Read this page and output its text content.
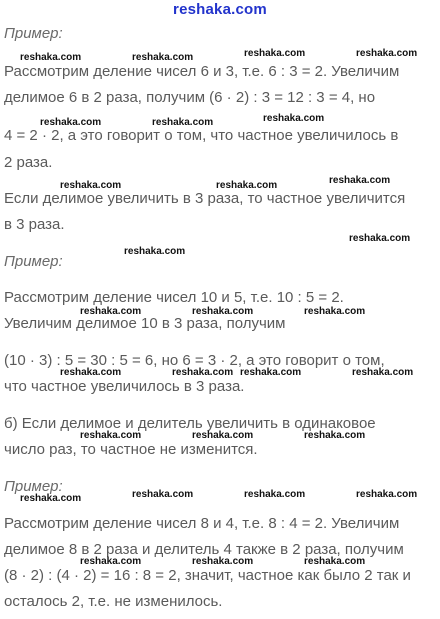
reshaka.com
Пример:
Рассмотрим деление чисел 6 и 3, т.е. 6 : 3 = 2. Увеличим
делимое 6 в 2 раза, получим (6 · 2) : 3 = 12 : 3 = 4, но
4 = 2 · 2, а это говорит о том, что частное увеличилось в
2 раза.
Если делимое увеличить в 3 раза, то частное увеличится
в 3 раза.
Пример:
Рассмотрим деление чисел 10 и 5, т.е. 10 : 5 = 2.
Увеличим делимое 10 в 3 раза, получим
(10 · 3) : 5 = 30 : 5 = 6, но 6 = 3 · 2, а это говорит о том,
что частное увеличилось в 3 раза.
б) Если делимое и делитель увеличить в одинаковое
число раз, то частное не изменится.
Пример:
Рассмотрим деление чисел 8 и 4, т.е. 8 : 4 = 2. Увеличим
делимое 8 в 2 раза и делитель 4 также в 2 раза, получим
(8 · 2) : (4 · 2) = 16 : 8 = 2, значит, частное как было 2 так и
осталось 2, т.е. не изменилось.
reshaka.com	reshaka.com	reshaka.com	reshaka.com
reshaka.com	reshaka.com	reshaka.com
reshaka.com
reshaka.com	reshaka.com
reshaka.com
reshaka.com
reshaka.com	reshaka.com	reshaka.com
reshaka.com	reshaka.com reshaka.com	reshaka.com
reshaka.com	reshaka.com	reshaka.com
reshaka.com	reshaka.com	reshaka.com	reshaka.com
reshaka.com	reshaka.com	reshaka.com
